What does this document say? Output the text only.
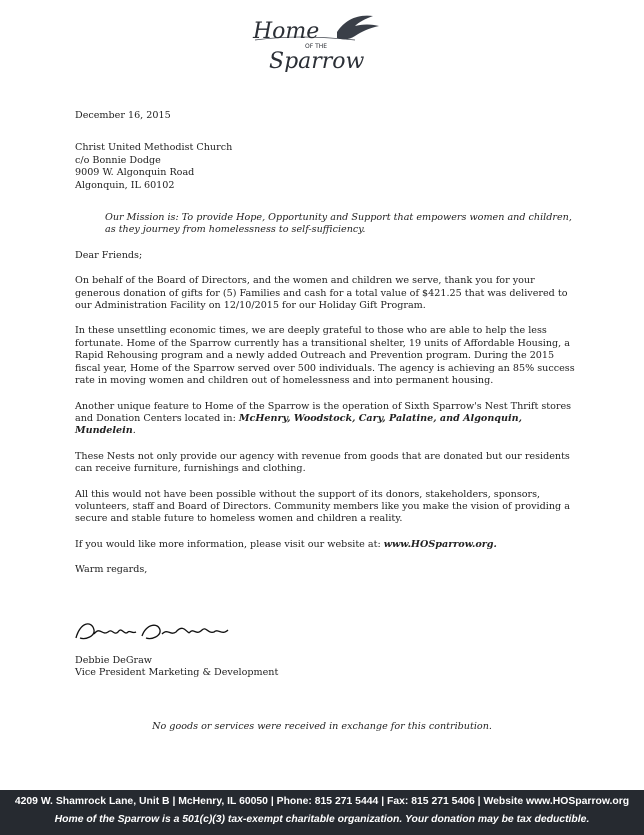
Home
OF THE
Sparrow

December 16, 2015

Christ United Methodist Church

c/o Bonnie Dodge

9009 W. Algonquin Road

Algonquin, IL 60102

Our Mission is: To provide Hope, Opportunity and Support that empowers women and children, as they journey from homelessness to self-sufficiency.

Dear Friends;

On behalf of the Board of Directors, and the women and children we serve, thank you for your generous donation of gifts for (5) Families and cash for a total value of $421.25 that was delivered to our Administration Facility on 12/10/2015 for our Holiday Gift Program.

In these unsettling economic times, we are deeply grateful to those who are able to help the less fortunate. Home of the Sparrow currently has a transitional shelter, 19 units of Affordable Housing, a Rapid Rehousing program and a newly added Outreach and Prevention program. During the 2015 fiscal year, Home of the Sparrow served over 500 individuals. The agency is achieving an 85% success rate in moving women and children out of homelessness and into permanent housing.

Another unique feature to Home of the Sparrow is the operation of Sixth Sparrow's Nest Thrift stores and Donation Centers located in: McHenry, Woodstock, Cary, Palatine, and Algonquin, Mundelein.

These Nests not only provide our agency with revenue from goods that are donated but our residents can receive furniture, furnishings and clothing.

All this would not have been possible without the support of its donors, stakeholders, sponsors, volunteers, staff and Board of Directors. Community members like you make the vision of providing a secure and stable future to homeless women and children a reality.

If you would like more information, please visit our website at: www.HOSparrow.org.

Warm regards,

Debbie DeGraw

Vice President Marketing & Development

No goods or services were received in exchange for this contribution.
4209 W. Shamrock Lane, Unit B | McHenry, IL 60050 | Phone: 815 271 5444 | Fax: 815 271 5406 | Website www.HOSparrow.org
Home of the Sparrow is a 501(c)(3) tax-exempt charitable organization. Your donation may be tax deductible.
